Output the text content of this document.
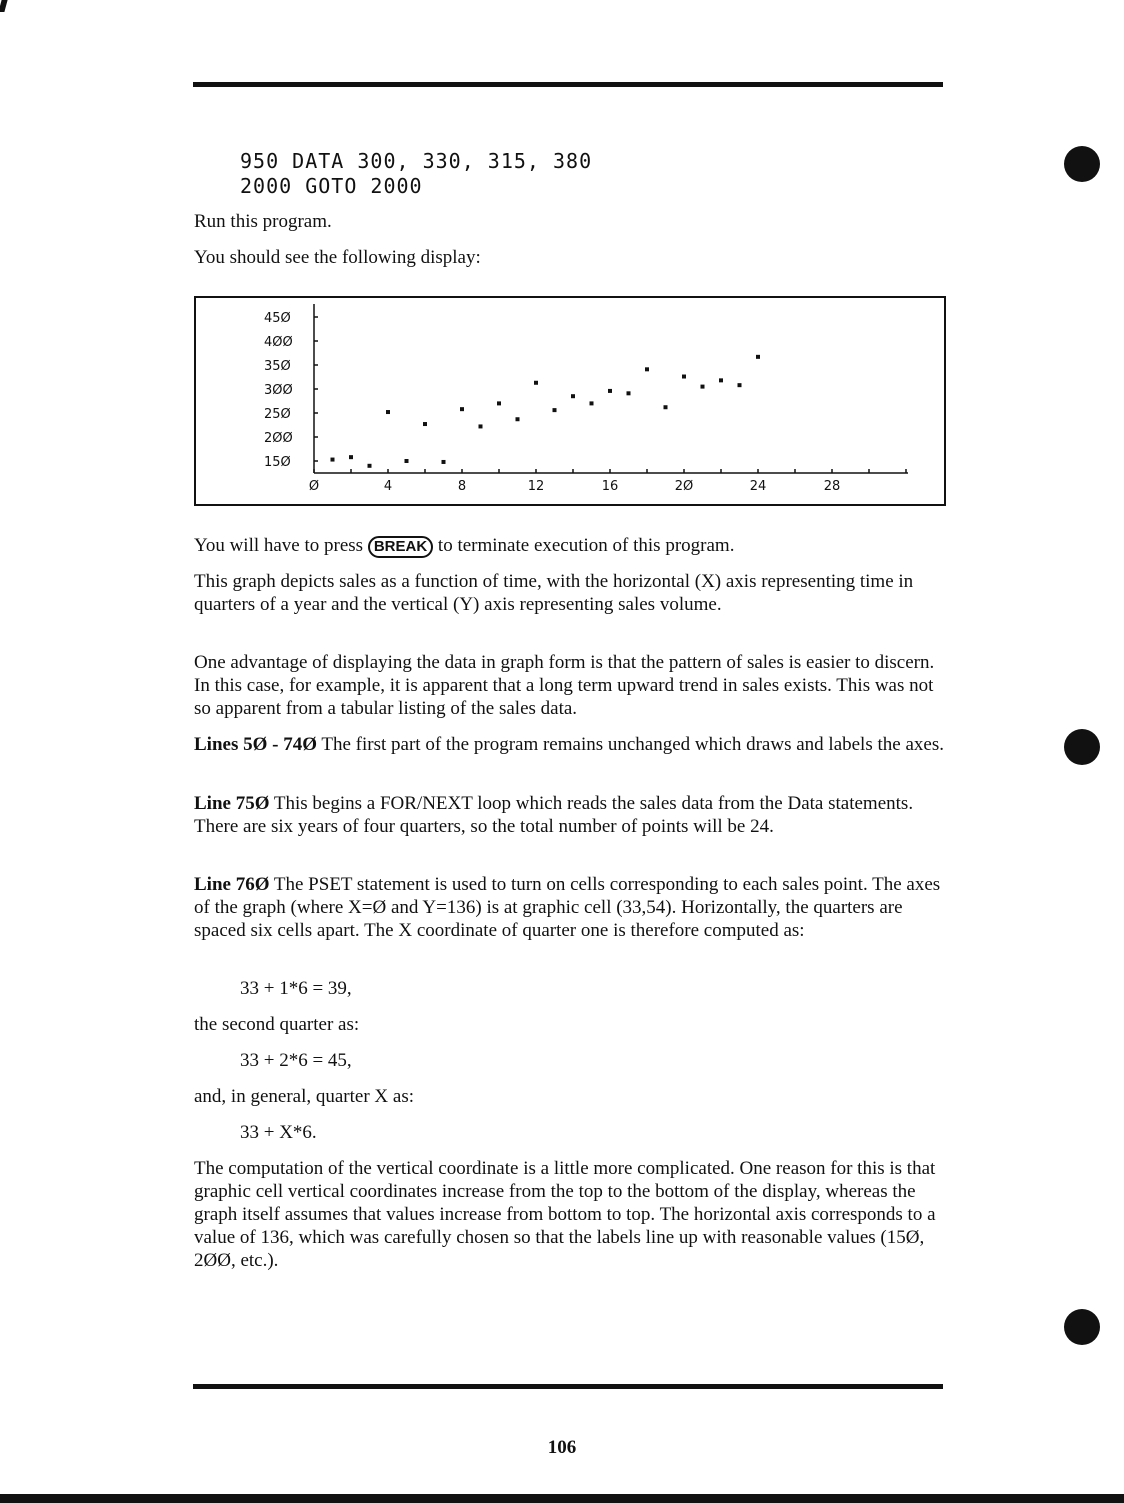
950 DATA 300, 330, 315, 380
2000 GOTO 2000

Run this program.

You should see the following display:

45Ø
4ØØ
35Ø
3ØØ
25Ø
2ØØ
15Ø
Ø	4	8	12	16	2Ø	24	28

You will have to press BREAK to terminate execution of this program.

This graph depicts sales as a function of time, with the horizontal (X) axis representing time in quarters of a year and the vertical (Y) axis representing sales volume.

One advantage of displaying the data in graph form is that the pattern of sales is easier to discern. In this case, for example, it is apparent that a long term upward trend in sales exists. This was not so apparent from a tabular listing of the sales data.

Lines 5Ø - 74Ø The first part of the program remains unchanged which draws and labels the axes.

Line 75Ø This begins a FOR/NEXT loop which reads the sales data from the Data statements. There are six years of four quarters, so the total number of points will be 24.

Line 76Ø The PSET statement is used to turn on cells corresponding to each sales point. The axes of the graph (where X=Ø and Y=136) is at graphic cell (33,54). Horizontally, the quarters are spaced six cells apart. The X coordinate of quarter one is therefore computed as:

33 + 1*6 = 39,

the second quarter as:

33 + 2*6 = 45,

and, in general, quarter X as:

33 + X*6.

The computation of the vertical coordinate is a little more complicated. One reason for this is that graphic cell vertical coordinates increase from the top to the bottom of the display, whereas the graph itself assumes that values increase from bottom to top. The horizontal axis corresponds to a value of 136, which was carefully chosen so that the labels line up with reasonable values (15Ø, 2ØØ, etc.).

106
